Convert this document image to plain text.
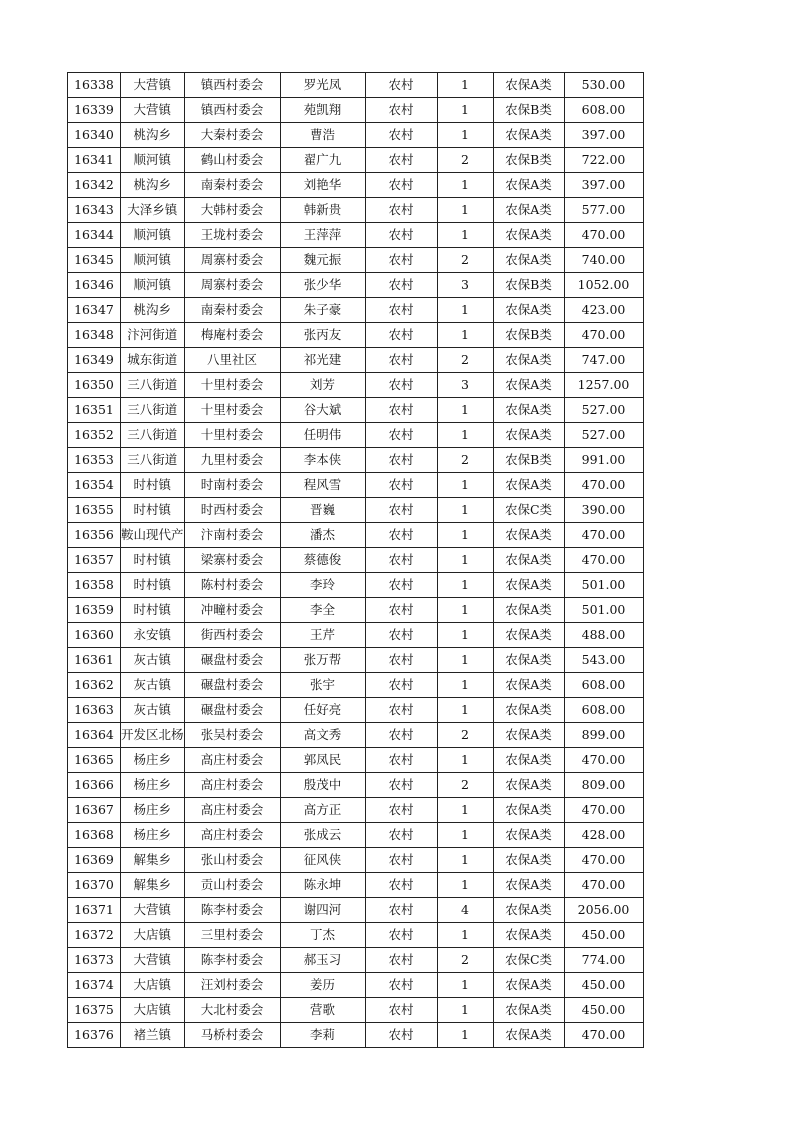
16338	大营镇	镇西村委会	罗光凤	农村	1	农保A类	530.00
16339	大营镇	镇西村委会	苑凯翔	农村	1	农保B类	608.00
16340	桃沟乡	大秦村委会	曹浩	农村	1	农保A类	397.00
16341	顺河镇	鹤山村委会	翟广九	农村	2	农保B类	722.00
16342	桃沟乡	南秦村委会	刘艳华	农村	1	农保A类	397.00
16343	大泽乡镇	大韩村委会	韩新贵	农村	1	农保A类	577.00
16344	顺河镇	王垅村委会	王萍萍	农村	1	农保A类	470.00
16345	顺河镇	周寨村委会	魏元振	农村	2	农保A类	740.00
16346	顺河镇	周寨村委会	张少华	农村	3	农保B类	1052.00
16347	桃沟乡	南秦村委会	朱子豪	农村	1	农保A类	423.00
16348	汴河街道	梅庵村委会	张丙友	农村	1	农保B类	470.00
16349	城东街道	八里社区	祁光建	农村	2	农保A类	747.00
16350	三八街道	十里村委会	刘芳	农村	3	农保A类	1257.00
16351	三八街道	十里村委会	谷大斌	农村	1	农保A类	527.00
16352	三八街道	十里村委会	任明伟	农村	1	农保A类	527.00
16353	三八街道	九里村委会	李本侠	农村	2	农保B类	991.00
16354	时村镇	时南村委会	程风雪	农村	1	农保A类	470.00
16355	时村镇	时西村委会	晋巍	农村	1	农保C类	390.00
16356	鞍山现代产	汴南村委会	潘杰	农村	1	农保A类	470.00
16357	时村镇	梁寨村委会	蔡德俊	农村	1	农保A类	470.00
16358	时村镇	陈村村委会	李玲	农村	1	农保A类	501.00
16359	时村镇	冲疃村委会	李全	农村	1	农保A类	501.00
16360	永安镇	街西村委会	王芹	农村	1	农保A类	488.00
16361	灰古镇	碾盘村委会	张万帮	农村	1	农保A类	543.00
16362	灰古镇	碾盘村委会	张宇	农村	1	农保A类	608.00
16363	灰古镇	碾盘村委会	任好亮	农村	1	农保A类	608.00
16364	开发区北杨	张吴村委会	高文秀	农村	2	农保A类	899.00
16365	杨庄乡	高庄村委会	郭凤民	农村	1	农保A类	470.00
16366	杨庄乡	高庄村委会	殷茂中	农村	2	农保A类	809.00
16367	杨庄乡	高庄村委会	高方正	农村	1	农保A类	470.00
16368	杨庄乡	高庄村委会	张成云	农村	1	农保A类	428.00
16369	解集乡	张山村委会	征风侠	农村	1	农保A类	470.00
16370	解集乡	贡山村委会	陈永坤	农村	1	农保A类	470.00
16371	大营镇	陈李村委会	谢四河	农村	4	农保A类	2056.00
16372	大店镇	三里村委会	丁杰	农村	1	农保A类	450.00
16373	大营镇	陈李村委会	郝玉习	农村	2	农保C类	774.00
16374	大店镇	汪刘村委会	姜历	农村	1	农保A类	450.00
16375	大店镇	大北村委会	营歌	农村	1	农保A类	450.00
16376	褚兰镇	马桥村委会	李莉	农村	1	农保A类	470.00
